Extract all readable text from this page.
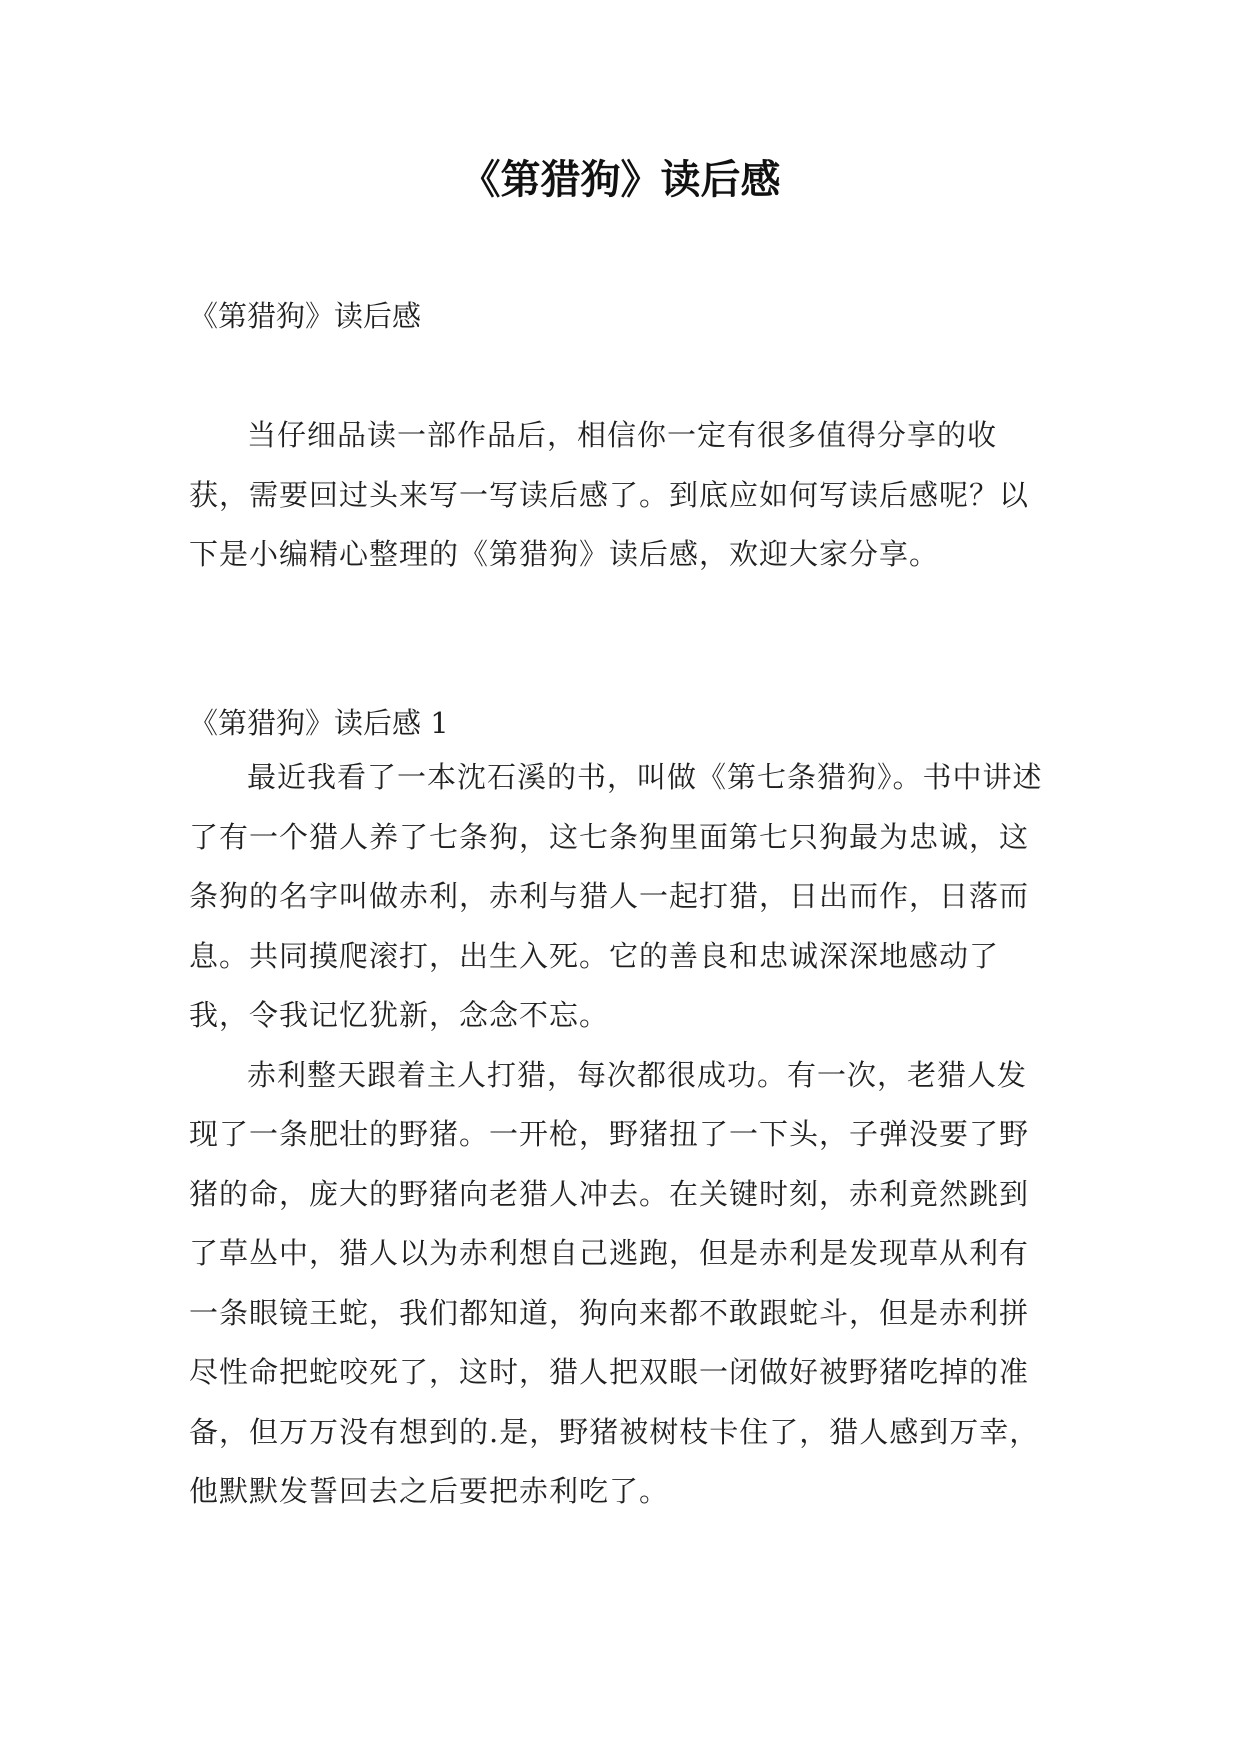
《第猎狗》读后感

《第猎狗》读后感

当仔细品读一部作品后，相信你一定有很多值得分享的收获，需要回过头来写一写读后感了。到底应如何写读后感呢？以下是小编精心整理的《第猎狗》读后感，欢迎大家分享。

《第猎狗》读后感 1

最近我看了一本沈石溪的书，叫做《第七条猎狗》。书中讲述了有一个猎人养了七条狗，这七条狗里面第七只狗最为忠诚，这条狗的名字叫做赤利，赤利与猎人一起打猎，日出而作，日落而息。共同摸爬滚打，出生入死。它的善良和忠诚深深地感动了我，令我记忆犹新，念念不忘。

赤利整天跟着主人打猎，每次都很成功。有一次，老猎人发现了一条肥壮的野猪。一开枪，野猪扭了一下头，子弹没要了野猪的命，庞大的野猪向老猎人冲去。在关键时刻，赤利竟然跳到了草丛中，猎人以为赤利想自己逃跑，但是赤利是发现草从利有一条眼镜王蛇，我们都知道，狗向来都不敢跟蛇斗，但是赤利拼尽性命把蛇咬死了，这时，猎人把双眼一闭做好被野猪吃掉的准备，但万万没有想到的.是，野猪被树枝卡住了，猎人感到万幸，他默默发誓回去之后要把赤利吃了。
